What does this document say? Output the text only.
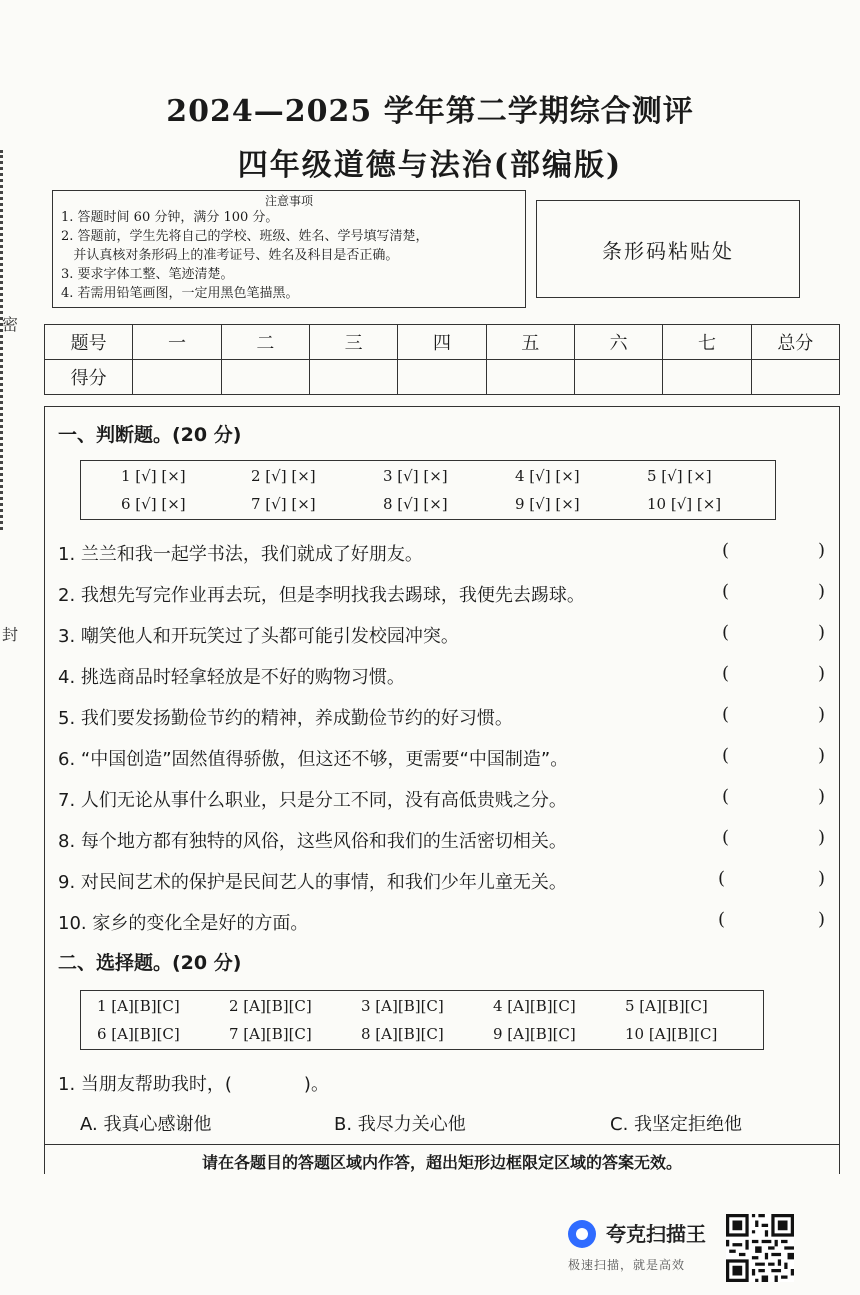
2024—2025 学年第二学期综合测评
四年级道德与法治(部编版)
密
封
注意事项
1. 答题时间 60 分钟，满分 100 分。
2. 答题前，学生先将自己的学校、班级、姓名、学号填写清楚，
并认真核对条形码上的准考证号、姓名及科目是否正确。
3. 要求字体工整、笔迹清楚。
4. 若需用铅笔画图，一定用黑色笔描黑。
条形码粘贴处
题号	一	二	三	四	五	六	七	总分
得分								
一、判断题。(20 分)
1 [√] [×]	2 [√] [×]	3 [√] [×]	4 [√] [×]	5 [√] [×]
6 [√] [×]	7 [√] [×]	8 [√] [×]	9 [√] [×]	10 [√] [×]
1. 兰兰和我一起学书法，我们就成了好朋友。
2. 我想先写完作业再去玩，但是李明找我去踢球，我便先去踢球。
3. 嘲笑他人和开玩笑过了头都可能引发校园冲突。
4. 挑选商品时轻拿轻放是不好的购物习惯。
5. 我们要发扬勤俭节约的精神，养成勤俭节约的好习惯。
6. “中国创造”固然值得骄傲，但这还不够，更需要“中国制造”。
7. 人们无论从事什么职业，只是分工不同，没有高低贵贱之分。
8. 每个地方都有独特的风俗，这些风俗和我们的生活密切相关。
9. 对民间艺术的保护是民间艺人的事情，和我们少年儿童无关。
10. 家乡的变化全是好的方面。
(	)
(	)
(	)
(	)
(	)
(	)
(	)
(	)
(	)
(	)
二、选择题。(20 分)
1 [A][B][C]	2 [A][B][C]	3 [A][B][C]	4 [A][B][C]	5 [A][B][C]
6 [A][B][C]	7 [A][B][C]	8 [A][B][C]	9 [A][B][C]	10 [A][B][C]
1. 当朋友帮助我时，(　　　　)。
A. 我真心感谢他	B. 我尽力关心他	C. 我坚定拒绝他
请在各题目的答题区域内作答，超出矩形边框限定区域的答案无效。
夸克扫描王
极速扫描，就是高效
